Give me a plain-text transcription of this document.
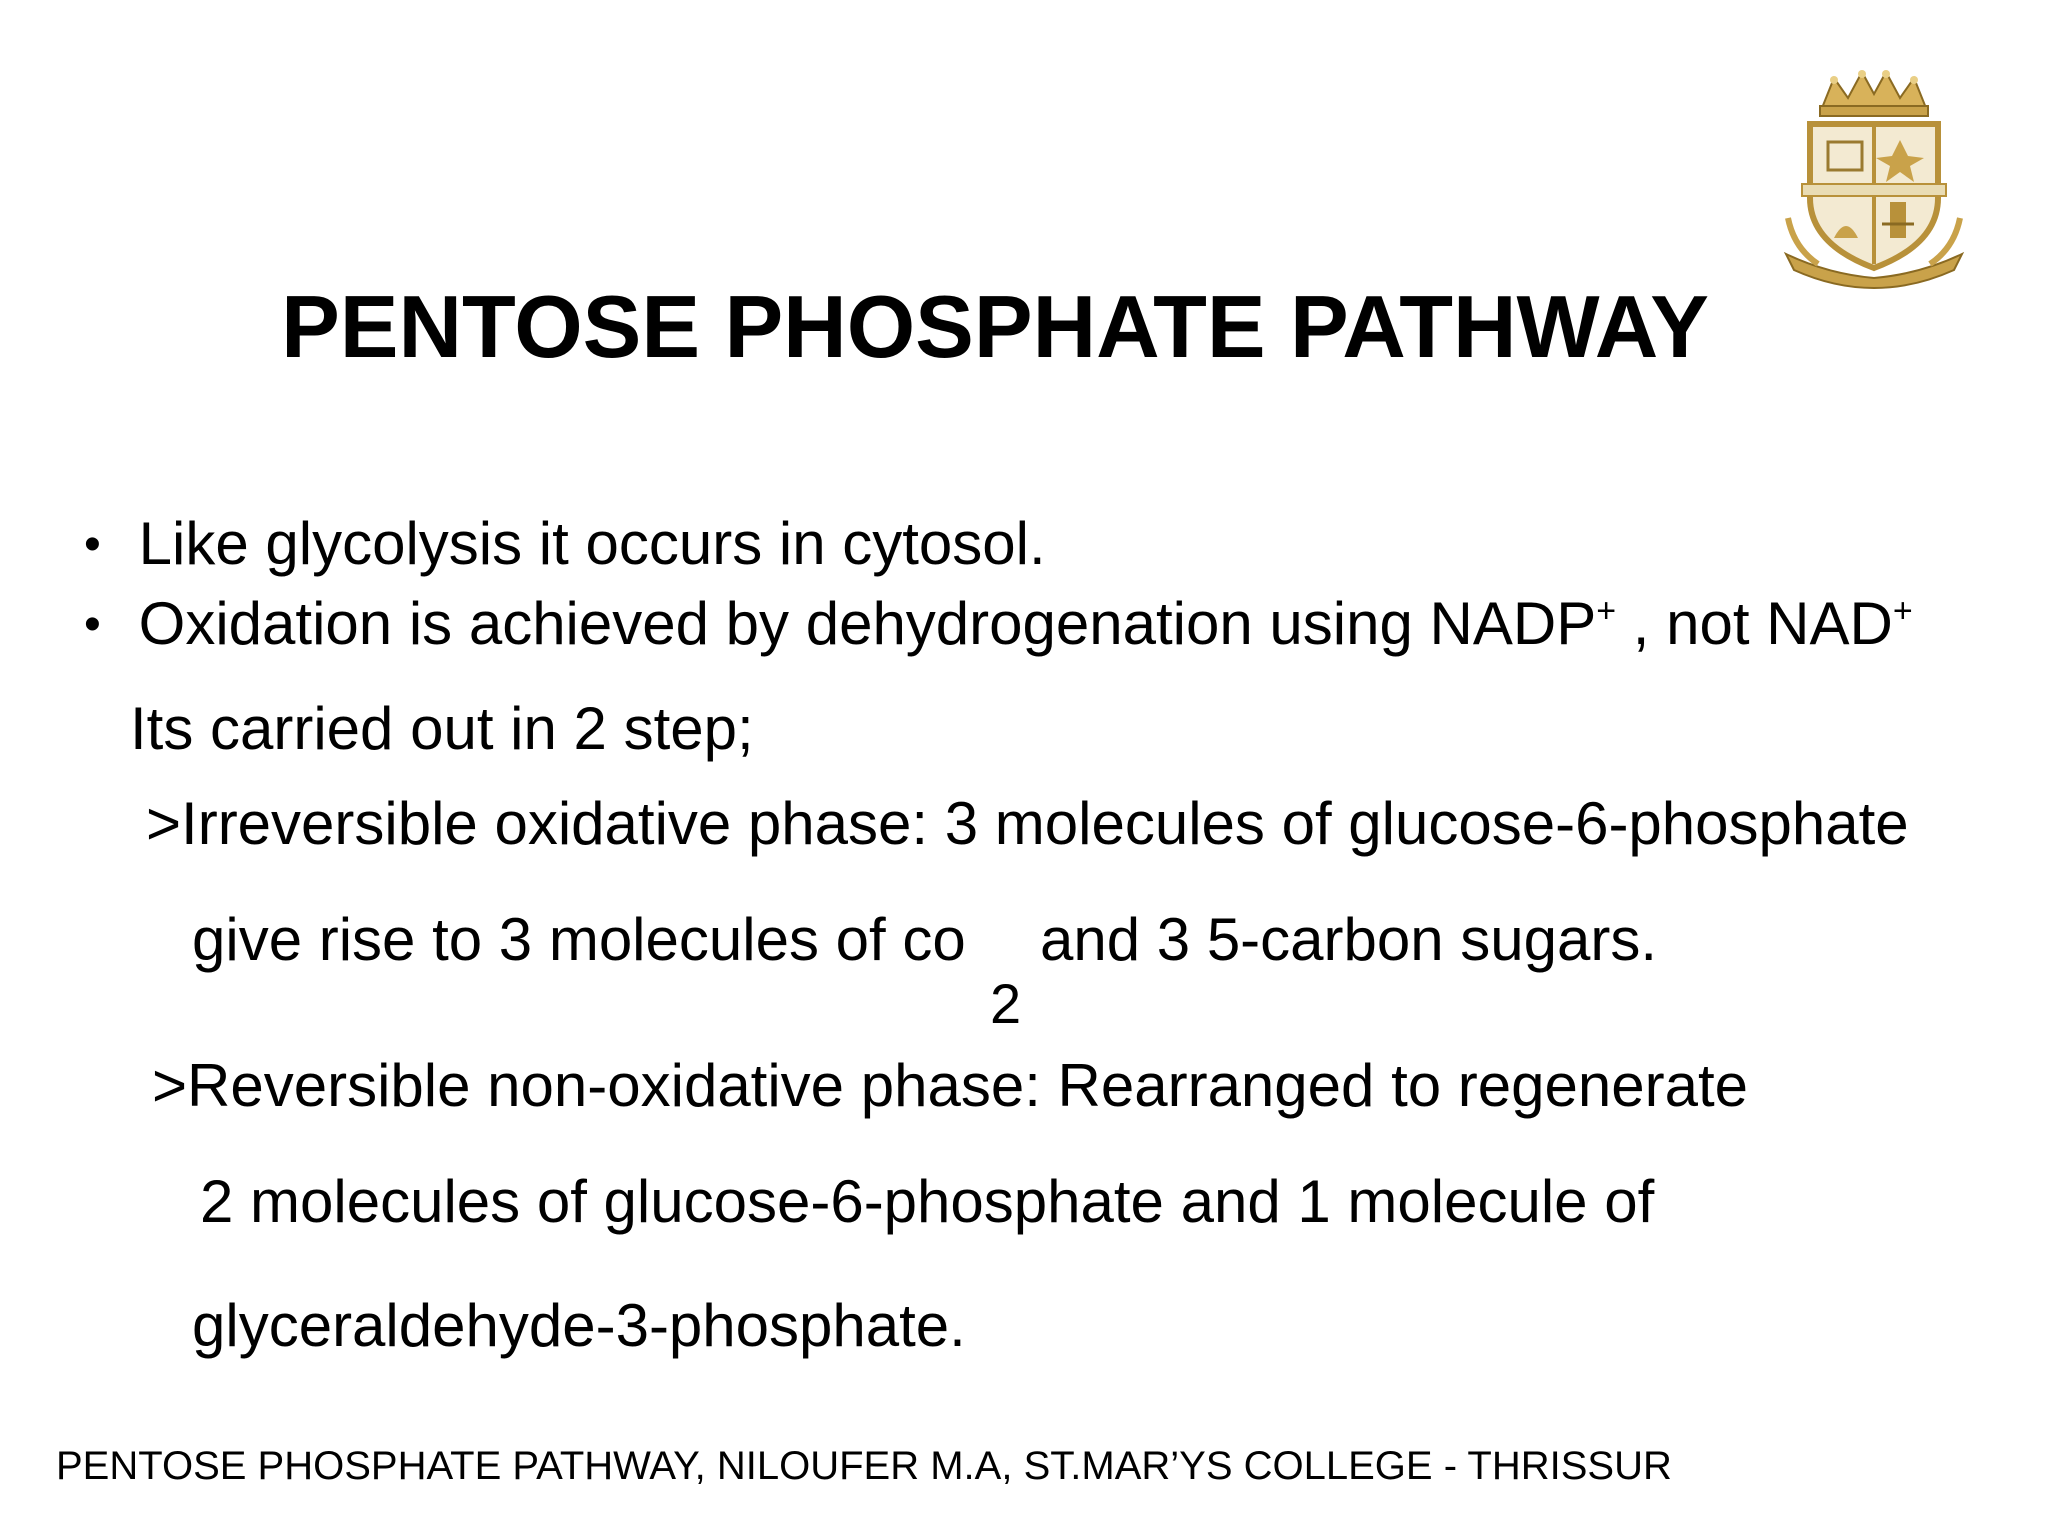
PENTOSE PHOSPHATE PATHWAY
• Like glycolysis it occurs in cytosol.
• Oxidation is achieved by dehydrogenation using NADP+ , not NAD+
Its carried out in 2 step;
>Irreversible oxidative phase: 3 molecules of glucose-6-phosphate
give rise to 3 molecules of co
2
and 3 5-carbon sugars.
>Reversible non-oxidative phase: Rearranged to regenerate
2 molecules of glucose-6-phosphate and 1 molecule of
glyceraldehyde-3-phosphate.
PENTOSE PHOSPHATE PATHWAY, NILOUFER M.A, ST.MAR’YS COLLEGE - THRISSUR
